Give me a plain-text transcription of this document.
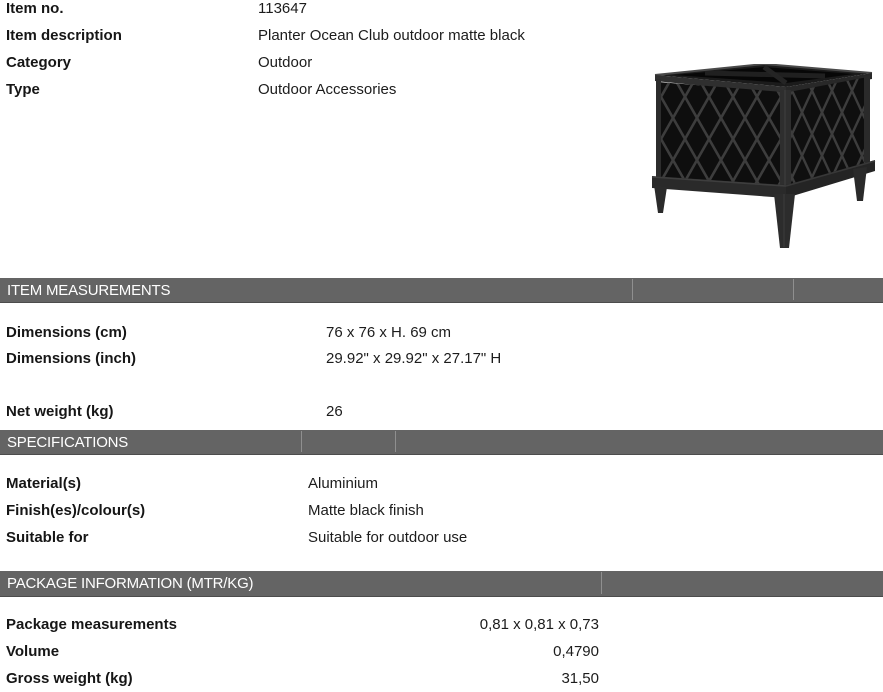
Item no.	113647
Item description	Planter Ocean Club outdoor matte black
Category	Outdoor
Type	Outdoor Accessories
ITEM MEASUREMENTS
Dimensions (cm)	76 x 76 x H. 69 cm
Dimensions (inch)	29.92" x 29.92" x 27.17" H
Net weight (kg)	26
SPECIFICATIONS
Material(s)	Aluminium
Finish(es)/colour(s)	Matte black finish
Suitable for	Suitable for outdoor use
PACKAGE INFORMATION (MTR/KG)
Package measurements	0,81 x 0,81 x 0,73
Volume	0,4790
Gross weight (kg)	31,50
